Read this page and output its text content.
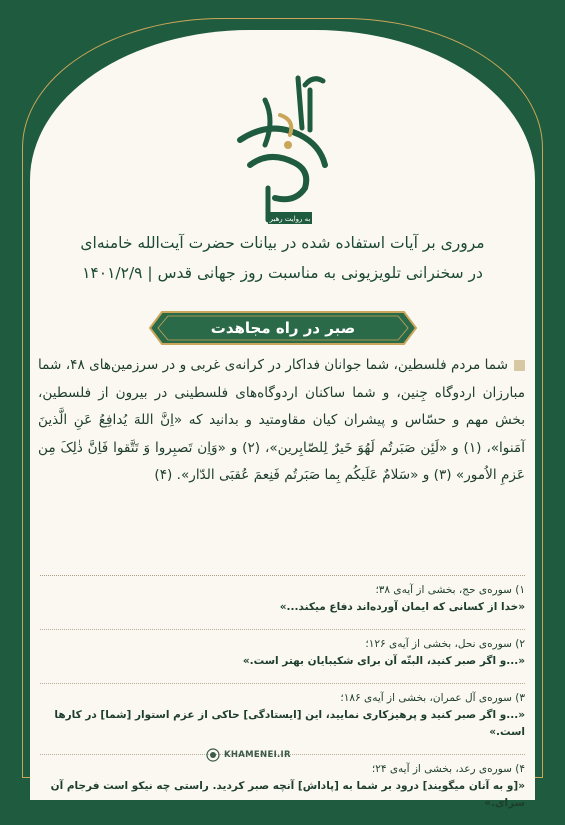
به روایت رهبر
مروری بر آیات استفاده شده در بیانات حضرت آیت‌الله خامنه‌ای
در سخنرانی تلویزیونی به مناسبت روز جهانی قدس | ۱۴۰۱/۲/۹
صبر در راه مجاهدت
شما مردم فلسطین، شما جوانان فداکار در کرانه‌ی غربی و در سرزمین‌های ۴۸، شما مبارزان اردوگاه جِنین، و شما ساکنان اردوگاه‌های فلسطینی در بیرون از فلسطین، بخش مهم و حسّاس و پیشران کیان مقاومتید و بدانید که «اِنَّ اللهَ یُدافِعُ عَنِ الَّذینَ آمَنوا»، (۱) و «لَئِن صَبَرتُم لَهُوَ خَیرٌ لِلصّابِرین»، (۲) و «وَاِن تَصبِروا وَ تَتَّقوا فَاِنَّ ذٰلِکَ مِن عَزمِ الاُمور» (۳) و «سَلامٌ عَلَیکُم بِما صَبَرتُم فَنِعمَ عُقبَی الدّار». (۴)
۱) سوره‌ی حج، بخشی از آیه‌ی ۳۸؛
«خدا از کسانی که ایمان آورده‌اند دفاع میکند...»
۲) سوره‌ی نحل، بخشی از آیه‌ی ۱۲۶؛
«...و اگر صبر کنید، البتّه آن برای شکیبایان بهتر است.»
۳) سوره‌ی آل عمران، بخشی از آیه‌ی ۱۸۶؛
«...و اگر صبر کنید و پرهیزکاری نمایید، این [ایستادگی] حاکی از عزم استوار [شما] در کارها است.»
۴) سوره‌ی رعد، بخشی از آیه‌ی ۲۴؛
«[و به آنان میگویند] درود بر شما به [پاداش] آنچه صبر کردید. راستی چه نیکو است فرجام آن سرای.»
KHAMENEI.IR
